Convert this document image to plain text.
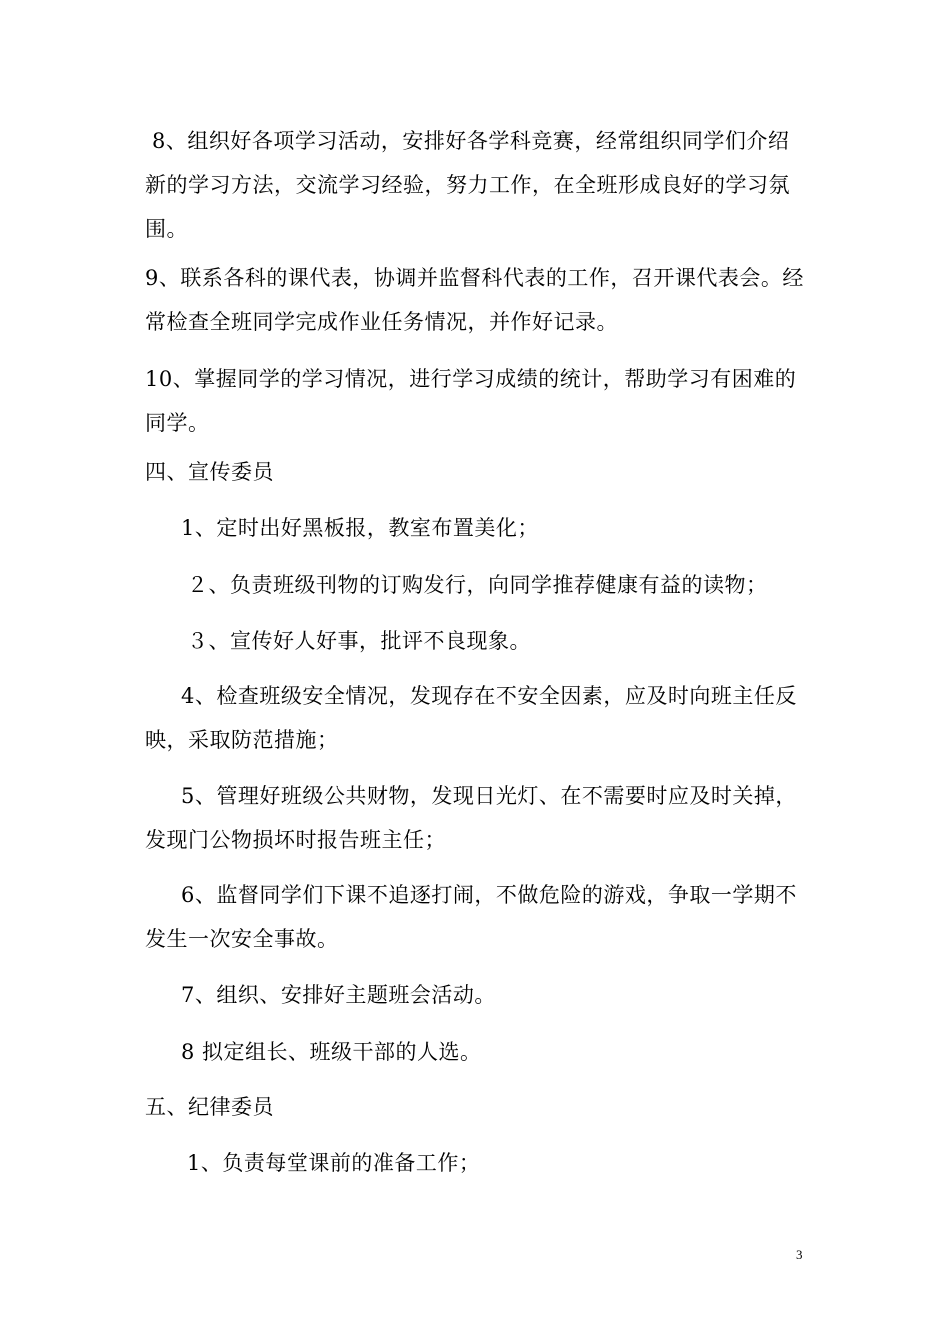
8、组织好各项学习活动，安排好各学科竞赛，经常组织同学们介绍新的学习方法，交流学习经验，努力工作，在全班形成良好的学习氛围。

9、联系各科的课代表，协调并监督科代表的工作，召开课代表会。经常检查全班同学完成作业任务情况，并作好记录。

10、掌握同学的学习情况，进行学习成绩的统计，帮助学习有困难的同学。

四、宣传委员

1、定时出好黑板报，教室布置美化；

２、负责班级刊物的订购发行，向同学推荐健康有益的读物；

３、宣传好人好事，批评不良现象。

4、检查班级安全情况，发现存在不安全因素，应及时向班主任反映，采取防范措施；

5、管理好班级公共财物，发现日光灯、在不需要时应及时关掉，发现门公物损坏时报告班主任；

6、监督同学们下课不追逐打闹，不做危险的游戏，争取一学期不发生一次安全事故。

7、组织、安排好主题班会活动。

8 拟定组长、班级干部的人选。

五、纪律委员

1、负责每堂课前的准备工作；

3
